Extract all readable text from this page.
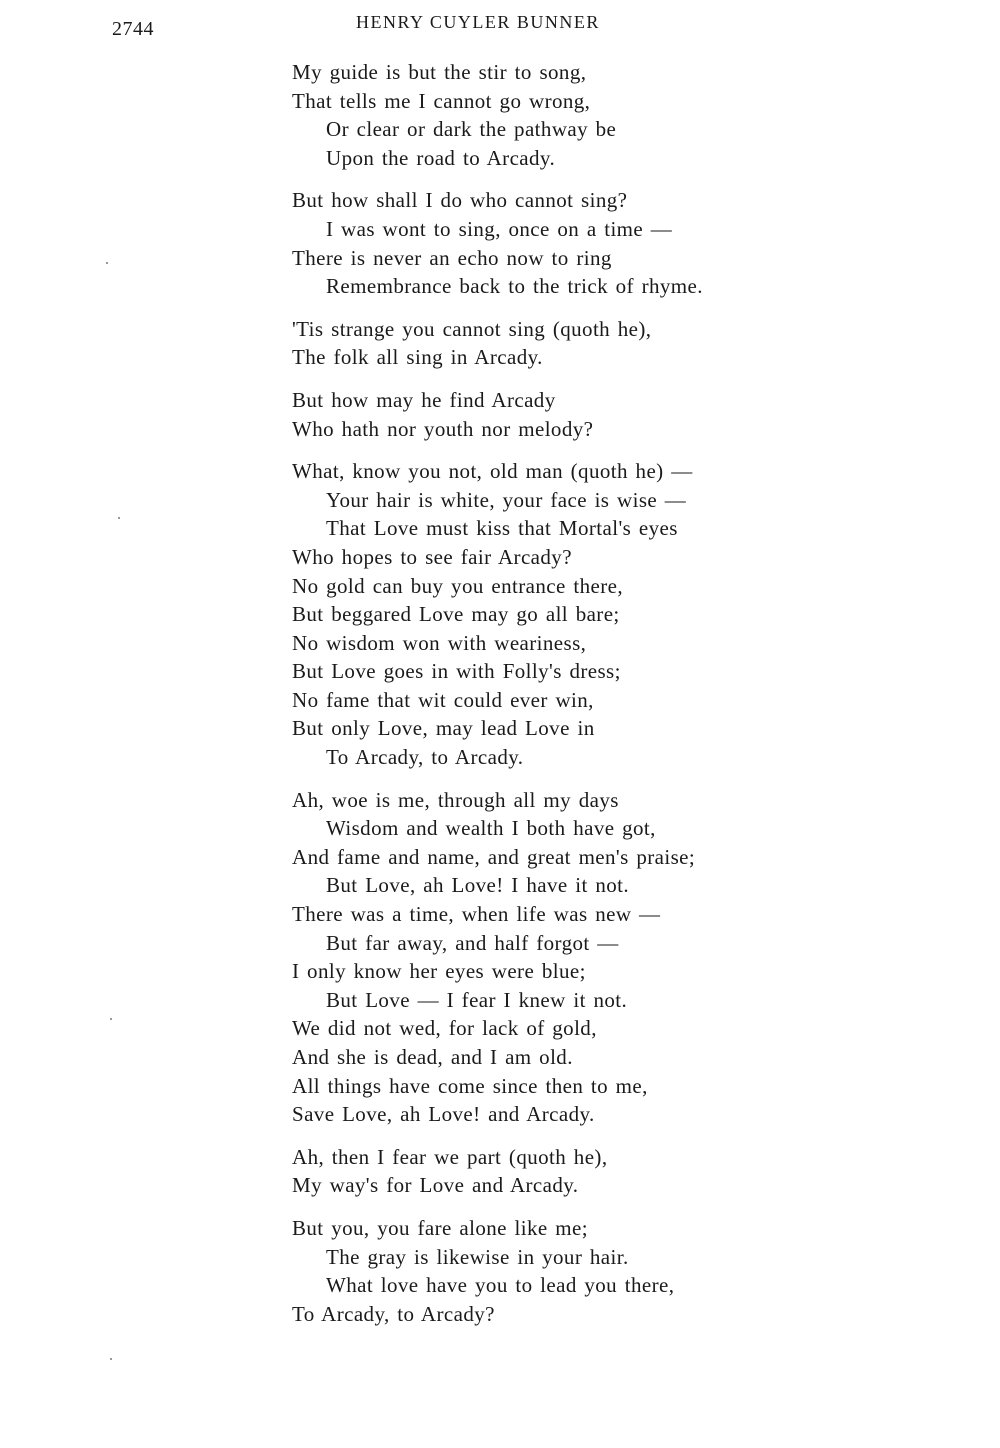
2744	HENRY CUYLER BUNNER
My guide is but the stir to song,
That tells me I cannot go wrong,
Or clear or dark the pathway be
Upon the road to Arcady.
But how shall I do who cannot sing?
I was wont to sing, once on a time —
There is never an echo now to ring
Remembrance back to the trick of rhyme.
'Tis strange you cannot sing (quoth he),
The folk all sing in Arcady.
But how may he find Arcady
Who hath nor youth nor melody?
What, know you not, old man (quoth he) —
Your hair is white, your face is wise —
That Love must kiss that Mortal's eyes
Who hopes to see fair Arcady?
No gold can buy you entrance there,
But beggared Love may go all bare;
No wisdom won with weariness,
But Love goes in with Folly's dress;
No fame that wit could ever win,
But only Love, may lead Love in
To Arcady, to Arcady.
Ah, woe is me, through all my days
Wisdom and wealth I both have got,
And fame and name, and great men's praise;
But Love, ah Love! I have it not.
There was a time, when life was new —
But far away, and half forgot —
I only know her eyes were blue;
But Love — I fear I knew it not.
We did not wed, for lack of gold,
And she is dead, and I am old.
All things have come since then to me,
Save Love, ah Love! and Arcady.
Ah, then I fear we part (quoth he),
My way's for Love and Arcady.
But you, you fare alone like me;
The gray is likewise in your hair.
What love have you to lead you there,
To Arcady, to Arcady?
